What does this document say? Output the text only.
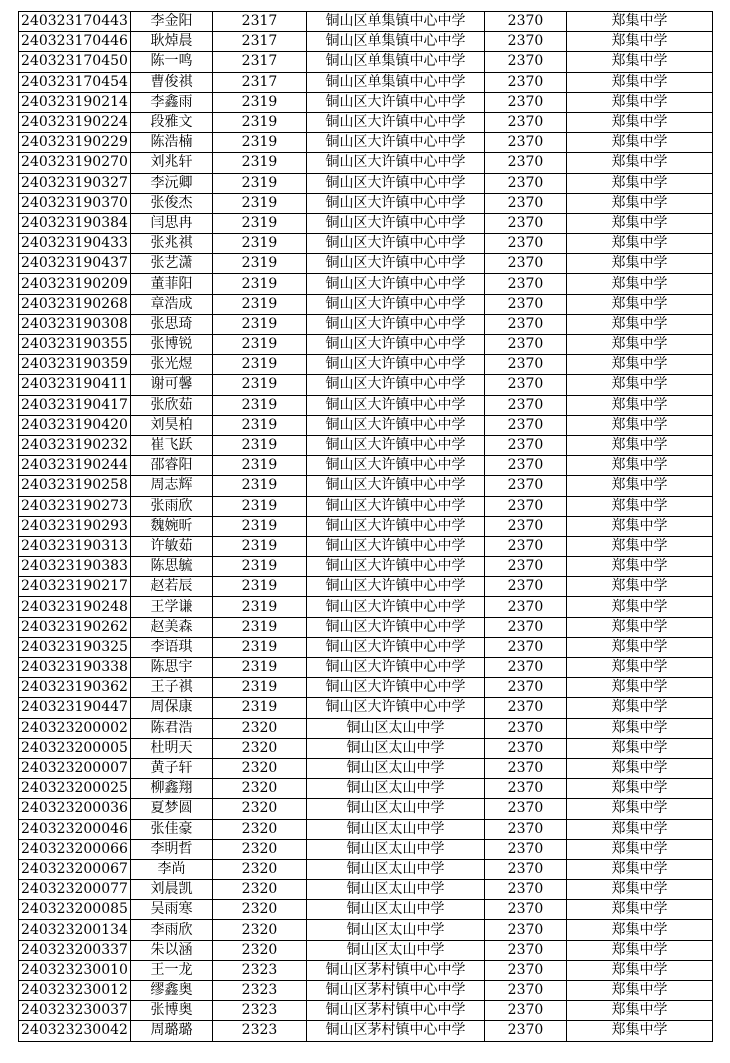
240323170443	李金阳	2317	铜山区单集镇中心中学	2370	郑集中学
240323170446	耿焯晨	2317	铜山区单集镇中心中学	2370	郑集中学
240323170450	陈一鸣	2317	铜山区单集镇中心中学	2370	郑集中学
240323170454	曹俊祺	2317	铜山区单集镇中心中学	2370	郑集中学
240323190214	李鑫雨	2319	铜山区大许镇中心中学	2370	郑集中学
240323190224	段雅文	2319	铜山区大许镇中心中学	2370	郑集中学
240323190229	陈浩楠	2319	铜山区大许镇中心中学	2370	郑集中学
240323190270	刘兆轩	2319	铜山区大许镇中心中学	2370	郑集中学
240323190327	李沅卿	2319	铜山区大许镇中心中学	2370	郑集中学
240323190370	张俊杰	2319	铜山区大许镇中心中学	2370	郑集中学
240323190384	闫思冉	2319	铜山区大许镇中心中学	2370	郑集中学
240323190433	张兆祺	2319	铜山区大许镇中心中学	2370	郑集中学
240323190437	张艺潇	2319	铜山区大许镇中心中学	2370	郑集中学
240323190209	董菲阳	2319	铜山区大许镇中心中学	2370	郑集中学
240323190268	章浩成	2319	铜山区大许镇中心中学	2370	郑集中学
240323190308	张思琦	2319	铜山区大许镇中心中学	2370	郑集中学
240323190355	张博锐	2319	铜山区大许镇中心中学	2370	郑集中学
240323190359	张光煜	2319	铜山区大许镇中心中学	2370	郑集中学
240323190411	谢可馨	2319	铜山区大许镇中心中学	2370	郑集中学
240323190417	张欣茹	2319	铜山区大许镇中心中学	2370	郑集中学
240323190420	刘昊柏	2319	铜山区大许镇中心中学	2370	郑集中学
240323190232	崔飞跃	2319	铜山区大许镇中心中学	2370	郑集中学
240323190244	邵睿阳	2319	铜山区大许镇中心中学	2370	郑集中学
240323190258	周志辉	2319	铜山区大许镇中心中学	2370	郑集中学
240323190273	张雨欣	2319	铜山区大许镇中心中学	2370	郑集中学
240323190293	魏婉昕	2319	铜山区大许镇中心中学	2370	郑集中学
240323190313	许敏茹	2319	铜山区大许镇中心中学	2370	郑集中学
240323190383	陈思毓	2319	铜山区大许镇中心中学	2370	郑集中学
240323190217	赵若辰	2319	铜山区大许镇中心中学	2370	郑集中学
240323190248	王学谦	2319	铜山区大许镇中心中学	2370	郑集中学
240323190262	赵美森	2319	铜山区大许镇中心中学	2370	郑集中学
240323190325	李语琪	2319	铜山区大许镇中心中学	2370	郑集中学
240323190338	陈思宇	2319	铜山区大许镇中心中学	2370	郑集中学
240323190362	王子祺	2319	铜山区大许镇中心中学	2370	郑集中学
240323190447	周保康	2319	铜山区大许镇中心中学	2370	郑集中学
240323200002	陈君浩	2320	铜山区太山中学	2370	郑集中学
240323200005	杜明天	2320	铜山区太山中学	2370	郑集中学
240323200007	黄子轩	2320	铜山区太山中学	2370	郑集中学
240323200025	柳鑫翔	2320	铜山区太山中学	2370	郑集中学
240323200036	夏梦圆	2320	铜山区太山中学	2370	郑集中学
240323200046	张佳豪	2320	铜山区太山中学	2370	郑集中学
240323200066	李明哲	2320	铜山区太山中学	2370	郑集中学
240323200067	李尚	2320	铜山区太山中学	2370	郑集中学
240323200077	刘晨凯	2320	铜山区太山中学	2370	郑集中学
240323200085	吴雨寒	2320	铜山区太山中学	2370	郑集中学
240323200134	李雨欣	2320	铜山区太山中学	2370	郑集中学
240323200337	朱以涵	2320	铜山区太山中学	2370	郑集中学
240323230010	王一龙	2323	铜山区茅村镇中心中学	2370	郑集中学
240323230012	缪鑫奥	2323	铜山区茅村镇中心中学	2370	郑集中学
240323230037	张博奥	2323	铜山区茅村镇中心中学	2370	郑集中学
240323230042	周璐璐	2323	铜山区茅村镇中心中学	2370	郑集中学
